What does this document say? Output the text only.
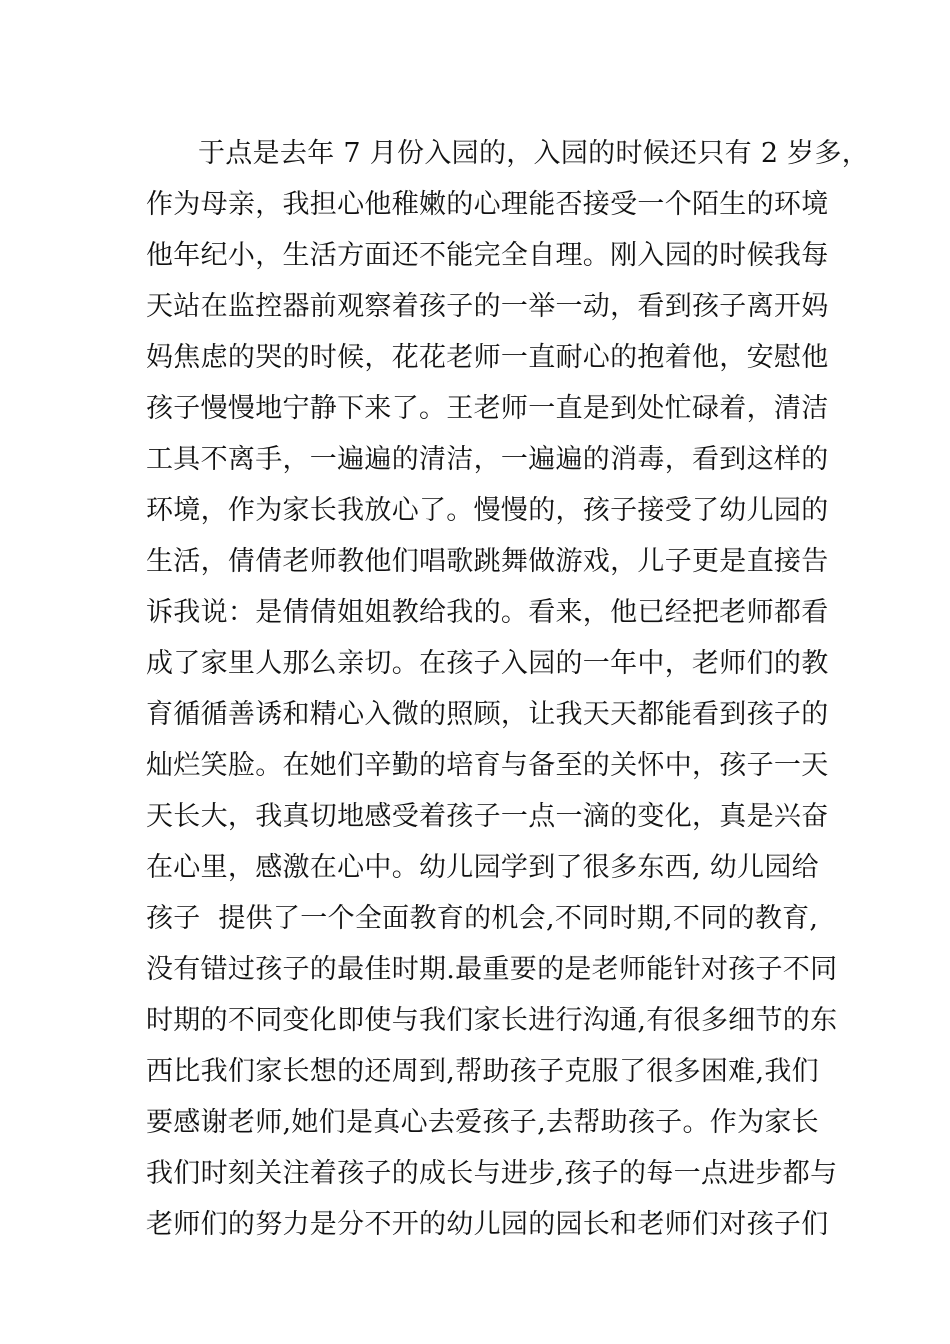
于点是去年 7 月份入园的，入园的时候还只有 2 岁多，
作为母亲，我担心他稚嫩的心理能否接受一个陌生的环境
他年纪小，生活方面还不能完全自理。刚入园的时候我每
天站在监控器前观察着孩子的一举一动，看到孩子离开妈
妈焦虑的哭的时候，花花老师一直耐心的抱着他，安慰他
孩子慢慢地宁静下来了。王老师一直是到处忙碌着，清洁
工具不离手，一遍遍的清洁，一遍遍的消毒，看到这样的
环境，作为家长我放心了。慢慢的，孩子接受了幼儿园的
生活，倩倩老师教他们唱歌跳舞做游戏，儿子更是直接告
诉我说：是倩倩姐姐教给我的。看来，他已经把老师都看
成了家里人那么亲切。在孩子入园的一年中，老师们的教
育循循善诱和精心入微的照顾，让我天天都能看到孩子的
灿烂笑脸。在她们辛勤的培育与备至的关怀中，孩子一天
天长大，我真切地感受着孩子一点一滴的变化，真是兴奋
在心里，感激在心中。幼儿园学到了很多东西, 幼儿园给
孩子  提供了一个全面教育的机会,不同时期,不同的教育,
没有错过孩子的最佳时期.最重要的是老师能针对孩子不同
时期的不同变化即使与我们家长进行沟通,有很多细节的东
西比我们家长想的还周到,帮助孩子克服了很多困难,我们
要感谢老师,她们是真心去爱孩子,去帮助孩子。作为家长
我们时刻关注着孩子的成长与进步,孩子的每一点进步都与
老师们的努力是分不开的幼儿园的园长和老师们对孩子们
